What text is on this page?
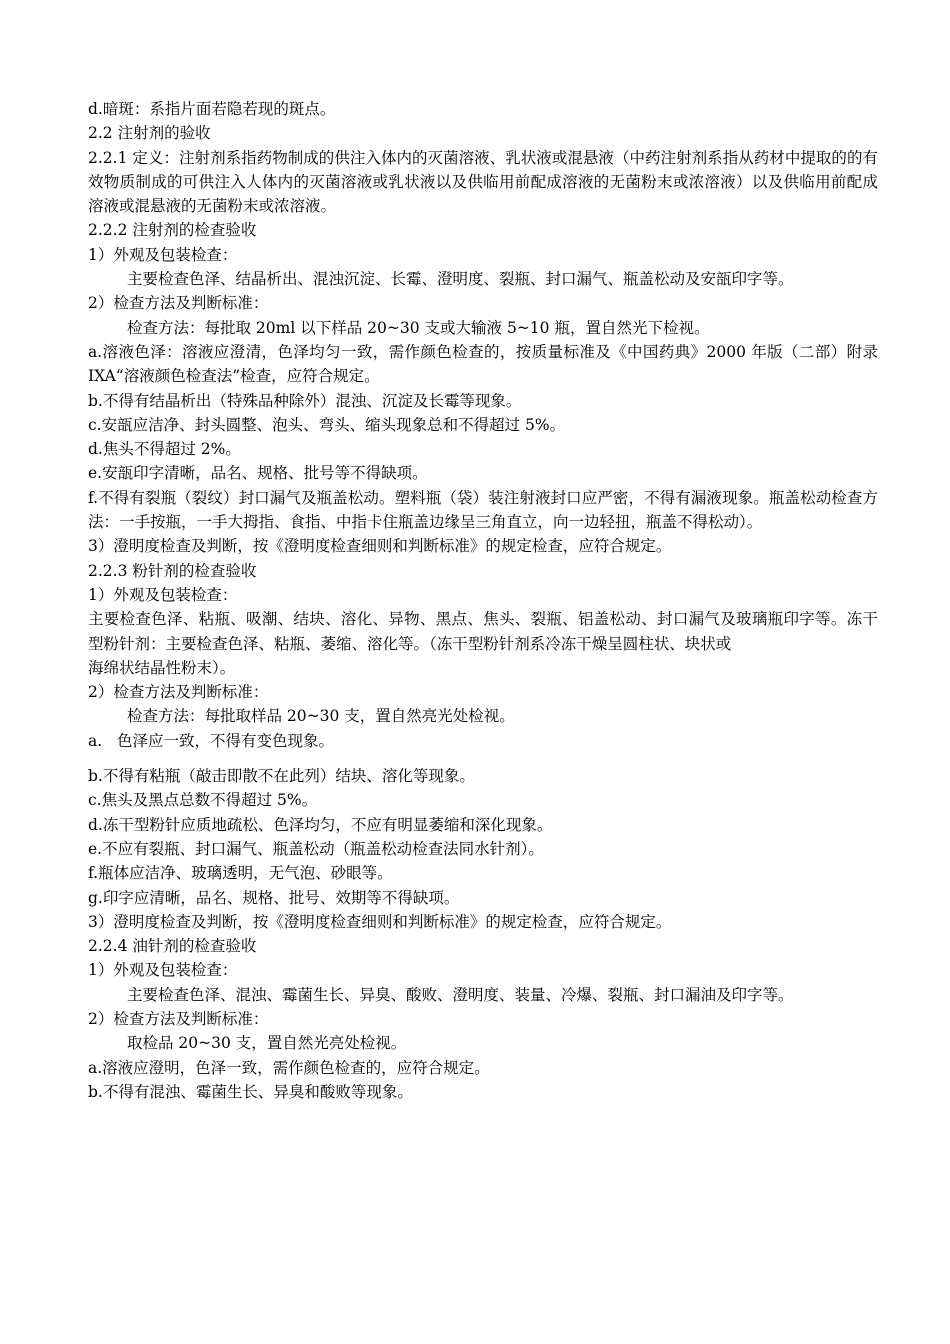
d.暗斑：系指片面若隐若现的斑点。

2.2 注射剂的验收

2.2.1 定义：注射剂系指药物制成的供注入体内的灭菌溶液、乳状液或混悬液（中药注射剂系指从药材中提取的的有效物质制成的可供注入人体内的灭菌溶液或乳状液以及供临用前配成溶液的无菌粉末或浓溶液）以及供临用前配成溶液或混悬液的无菌粉末或浓溶液。

2.2.2 注射剂的检查验收

1）外观及包装检查：

主要检查色泽、结晶析出、混浊沉淀、长霉、澄明度、裂瓶、封口漏气、瓶盖松动及安瓿印字等。

2）检查方法及判断标准：

检查方法：每批取 20ml 以下样品 20~30 支或大输液 5~10 瓶，置自然光下检视。

a.溶液色泽：溶液应澄清，色泽均匀一致，需作颜色检查的，按质量标准及《中国药典》2000 年版（二部）附录 IXA“溶液颜色检查法”检查，应符合规定。

b.不得有结晶析出（特殊品种除外）混浊、沉淀及长霉等现象。

c.安瓿应洁净、封头圆整、泡头、弯头、缩头现象总和不得超过 5%。

d.焦头不得超过 2%。

e.安瓿印字清晰，品名、规格、批号等不得缺项。

f.不得有裂瓶（裂纹）封口漏气及瓶盖松动。塑料瓶（袋）装注射液封口应严密，不得有漏液现象。瓶盖松动检查方法：一手按瓶，一手大拇指、食指、中指卡住瓶盖边缘呈三角直立，向一边轻扭，瓶盖不得松动）。

3）澄明度检查及判断，按《澄明度检查细则和判断标准》的规定检查，应符合规定。

2.2.3 粉针剂的检查验收

1）外观及包装检查：

主要检查色泽、粘瓶、吸潮、结块、溶化、异物、黑点、焦头、裂瓶、铝盖松动、封口漏气及玻璃瓶印字等。冻干型粉针剂：主要检查色泽、粘瓶、萎缩、溶化等。（冻干型粉针剂系冷冻干燥呈圆柱状、块状或

海绵状结晶性粉末）。

2）检查方法及判断标准：

检查方法：每批取样品 20~30 支，置自然亮光处检视。

a.   色泽应一致，不得有变色现象。

b.不得有粘瓶（敲击即散不在此列）结块、溶化等现象。

c.焦头及黑点总数不得超过 5%。

d.冻干型粉针应质地疏松、色泽均匀，不应有明显萎缩和深化现象。

e.不应有裂瓶、封口漏气、瓶盖松动（瓶盖松动检查法同水针剂）。

f.瓶体应洁净、玻璃透明，无气泡、砂眼等。

g.印字应清晰，品名、规格、批号、效期等不得缺项。

3）澄明度检查及判断，按《澄明度检查细则和判断标准》的规定检查，应符合规定。

2.2.4 油针剂的检查验收

1）外观及包装检查：

主要检查色泽、混浊、霉菌生长、异臭、酸败、澄明度、装量、冷爆、裂瓶、封口漏油及印字等。

2）检查方法及判断标准：

取检品 20~30 支，置自然光亮处检视。

a.溶液应澄明，色泽一致，需作颜色检查的，应符合规定。

b.不得有混浊、霉菌生长、异臭和酸败等现象。
